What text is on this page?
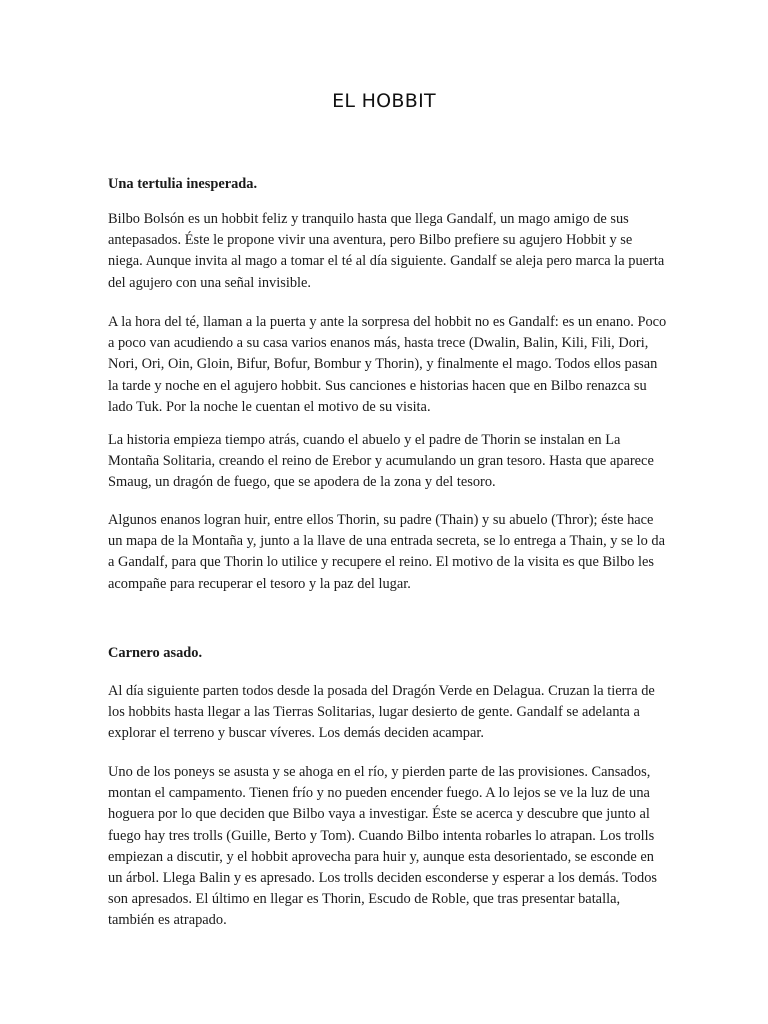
EL HOBBIT

Una tertulia inesperada.

Bilbo Bolsón es un hobbit feliz y tranquilo hasta que llega Gandalf, un mago amigo de sus antepasados. Éste le propone vivir una aventura, pero Bilbo prefiere su agujero Hobbit y se niega. Aunque invita al mago a tomar el té al día siguiente. Gandalf se aleja pero marca la puerta del agujero con una señal invisible.

A la hora del té, llaman a la puerta y ante la sorpresa del hobbit no es Gandalf: es un enano. Poco a poco van acudiendo a su casa varios enanos más, hasta trece (Dwalin, Balin, Kili, Fili, Dori, Nori, Ori, Oin, Gloin, Bifur, Bofur, Bombur y Thorin), y finalmente el mago. Todos ellos pasan la tarde y noche en el agujero hobbit. Sus canciones e historias hacen que en Bilbo renazca su lado Tuk. Por la noche le cuentan el motivo de su visita.

La historia empieza tiempo atrás, cuando el abuelo y el padre de Thorin se instalan en La Montaña Solitaria, creando el reino de Erebor y acumulando un gran tesoro. Hasta que aparece Smaug, un dragón de fuego, que se apodera de la zona y del tesoro.

Algunos enanos logran huir, entre ellos Thorin, su padre (Thain) y su abuelo (Thror); éste hace un mapa de la Montaña y, junto a la llave de una entrada secreta, se lo entrega a Thain, y se lo da a Gandalf, para que Thorin lo utilice y recupere el reino. El motivo de la visita es que Bilbo les acompañe para recuperar el tesoro y la paz del lugar.

Carnero asado.

Al día siguiente parten todos desde la posada del Dragón Verde en Delagua. Cruzan la tierra de los hobbits hasta llegar a las Tierras Solitarias, lugar desierto de gente. Gandalf se adelanta a explorar el terreno y buscar víveres. Los demás deciden acampar.

Uno de los poneys se asusta y se ahoga en el río, y pierden parte de las provisiones. Cansados, montan el campamento. Tienen frío y no pueden encender fuego. A lo lejos se ve la luz de una hoguera por lo que deciden que Bilbo vaya a investigar. Éste se acerca y descubre que junto al fuego hay tres trolls (Guille, Berto y Tom). Cuando Bilbo intenta robarles lo atrapan. Los trolls empiezan a discutir, y el hobbit aprovecha para huir y, aunque esta desorientado, se esconde en un árbol. Llega Balin y es apresado. Los trolls deciden esconderse y esperar a los demás. Todos son apresados. El último en llegar es Thorin, Escudo de Roble, que tras presentar batalla, también es atrapado.
